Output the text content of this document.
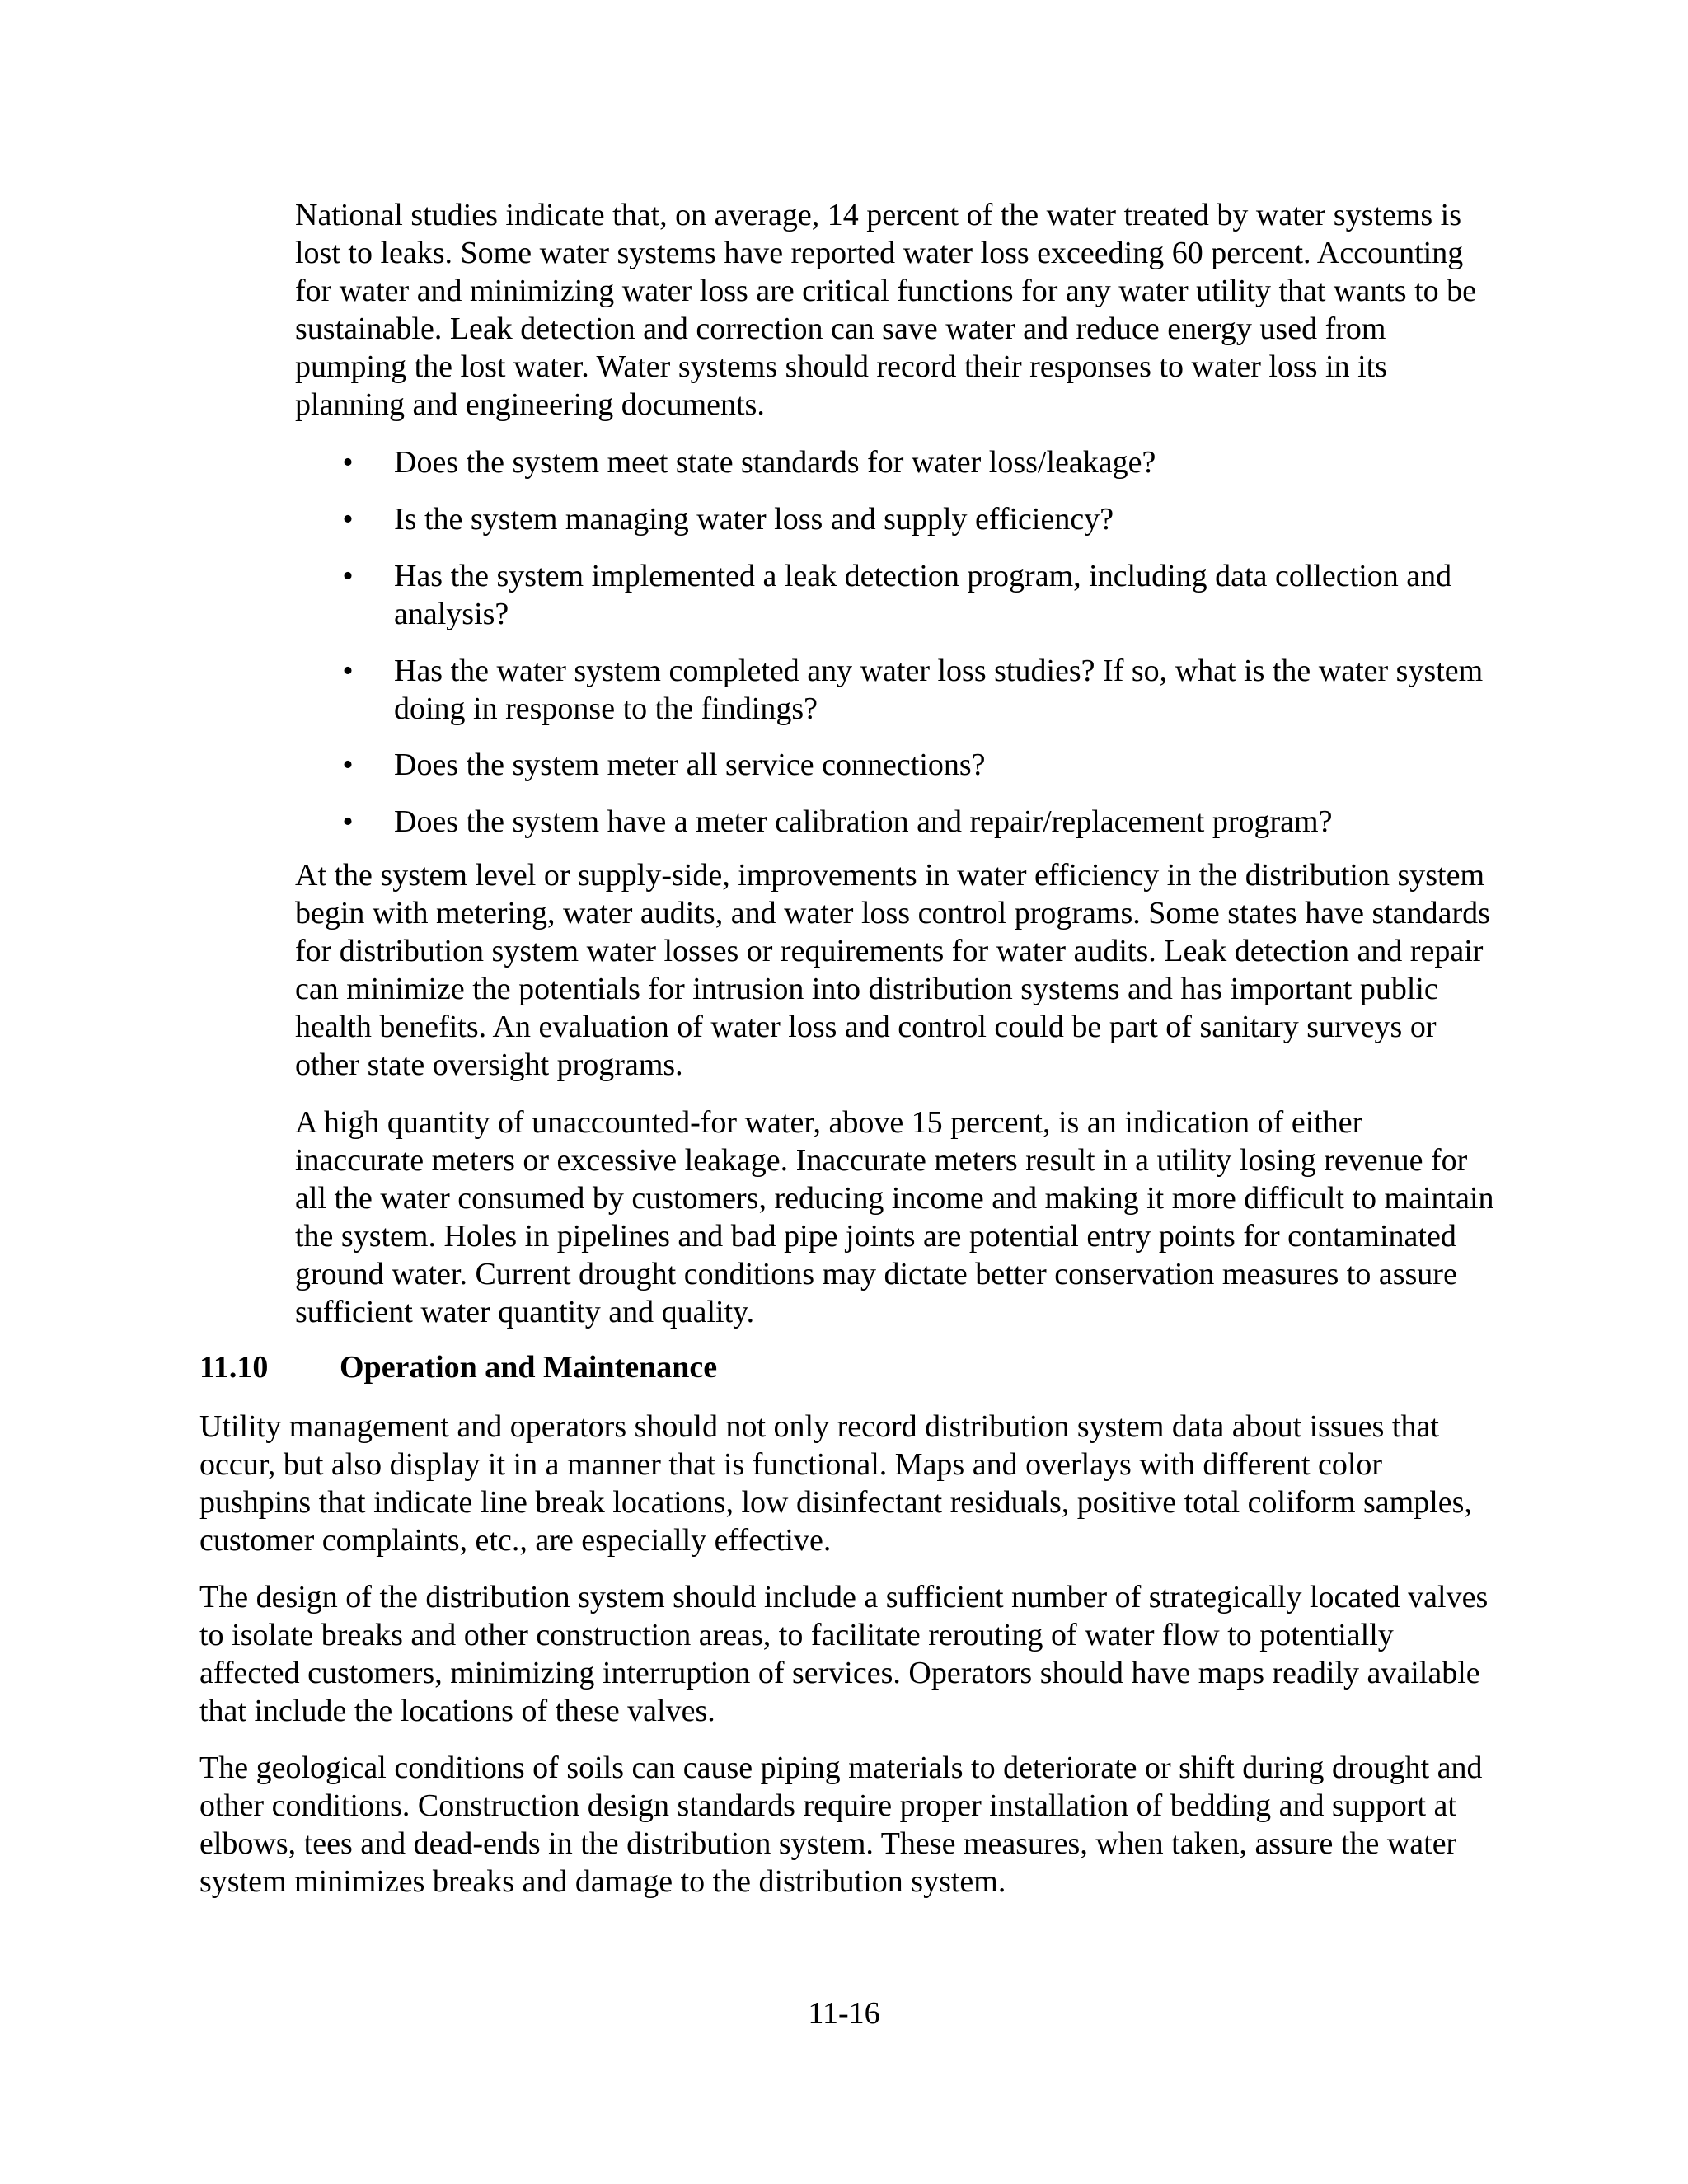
National studies indicate that, on average, 14 percent of the water treated by water systems is lost to leaks. Some water systems have reported water loss exceeding 60 percent. Accounting for water and minimizing water loss are critical functions for any water utility that wants to be sustainable. Leak detection and correction can save water and reduce energy used from pumping the lost water. Water systems should record their responses to water loss in its planning and engineering documents.

• Does the system meet state standards for water loss/leakage?
• Is the system managing water loss and supply efficiency?
• Has the system implemented a leak detection program, including data collection and analysis?
• Has the water system completed any water loss studies? If so, what is the water system doing in response to the findings?
• Does the system meter all service connections?
• Does the system have a meter calibration and repair/replacement program?

At the system level or supply-side, improvements in water efficiency in the distribution system begin with metering, water audits, and water loss control programs. Some states have standards for distribution system water losses or requirements for water audits. Leak detection and repair can minimize the potentials for intrusion into distribution systems and has important public health benefits. An evaluation of water loss and control could be part of sanitary surveys or other state oversight programs.

A high quantity of unaccounted-for water, above 15 percent, is an indication of either inaccurate meters or excessive leakage. Inaccurate meters result in a utility losing revenue for all the water consumed by customers, reducing income and making it more difficult to maintain the system. Holes in pipelines and bad pipe joints are potential entry points for contaminated ground water. Current drought conditions may dictate better conservation measures to assure sufficient water quantity and quality.

11.10 Operation and Maintenance

Utility management and operators should not only record distribution system data about issues that occur, but also display it in a manner that is functional. Maps and overlays with different color pushpins that indicate line break locations, low disinfectant residuals, positive total coliform samples, customer complaints, etc., are especially effective.

The design of the distribution system should include a sufficient number of strategically located valves to isolate breaks and other construction areas, to facilitate rerouting of water flow to potentially affected customers, minimizing interruption of services. Operators should have maps readily available that include the locations of these valves.

The geological conditions of soils can cause piping materials to deteriorate or shift during drought and other conditions. Construction design standards require proper installation of bedding and support at elbows, tees and dead-ends in the distribution system. These measures, when taken, assure the water system minimizes breaks and damage to the distribution system.

11-16
